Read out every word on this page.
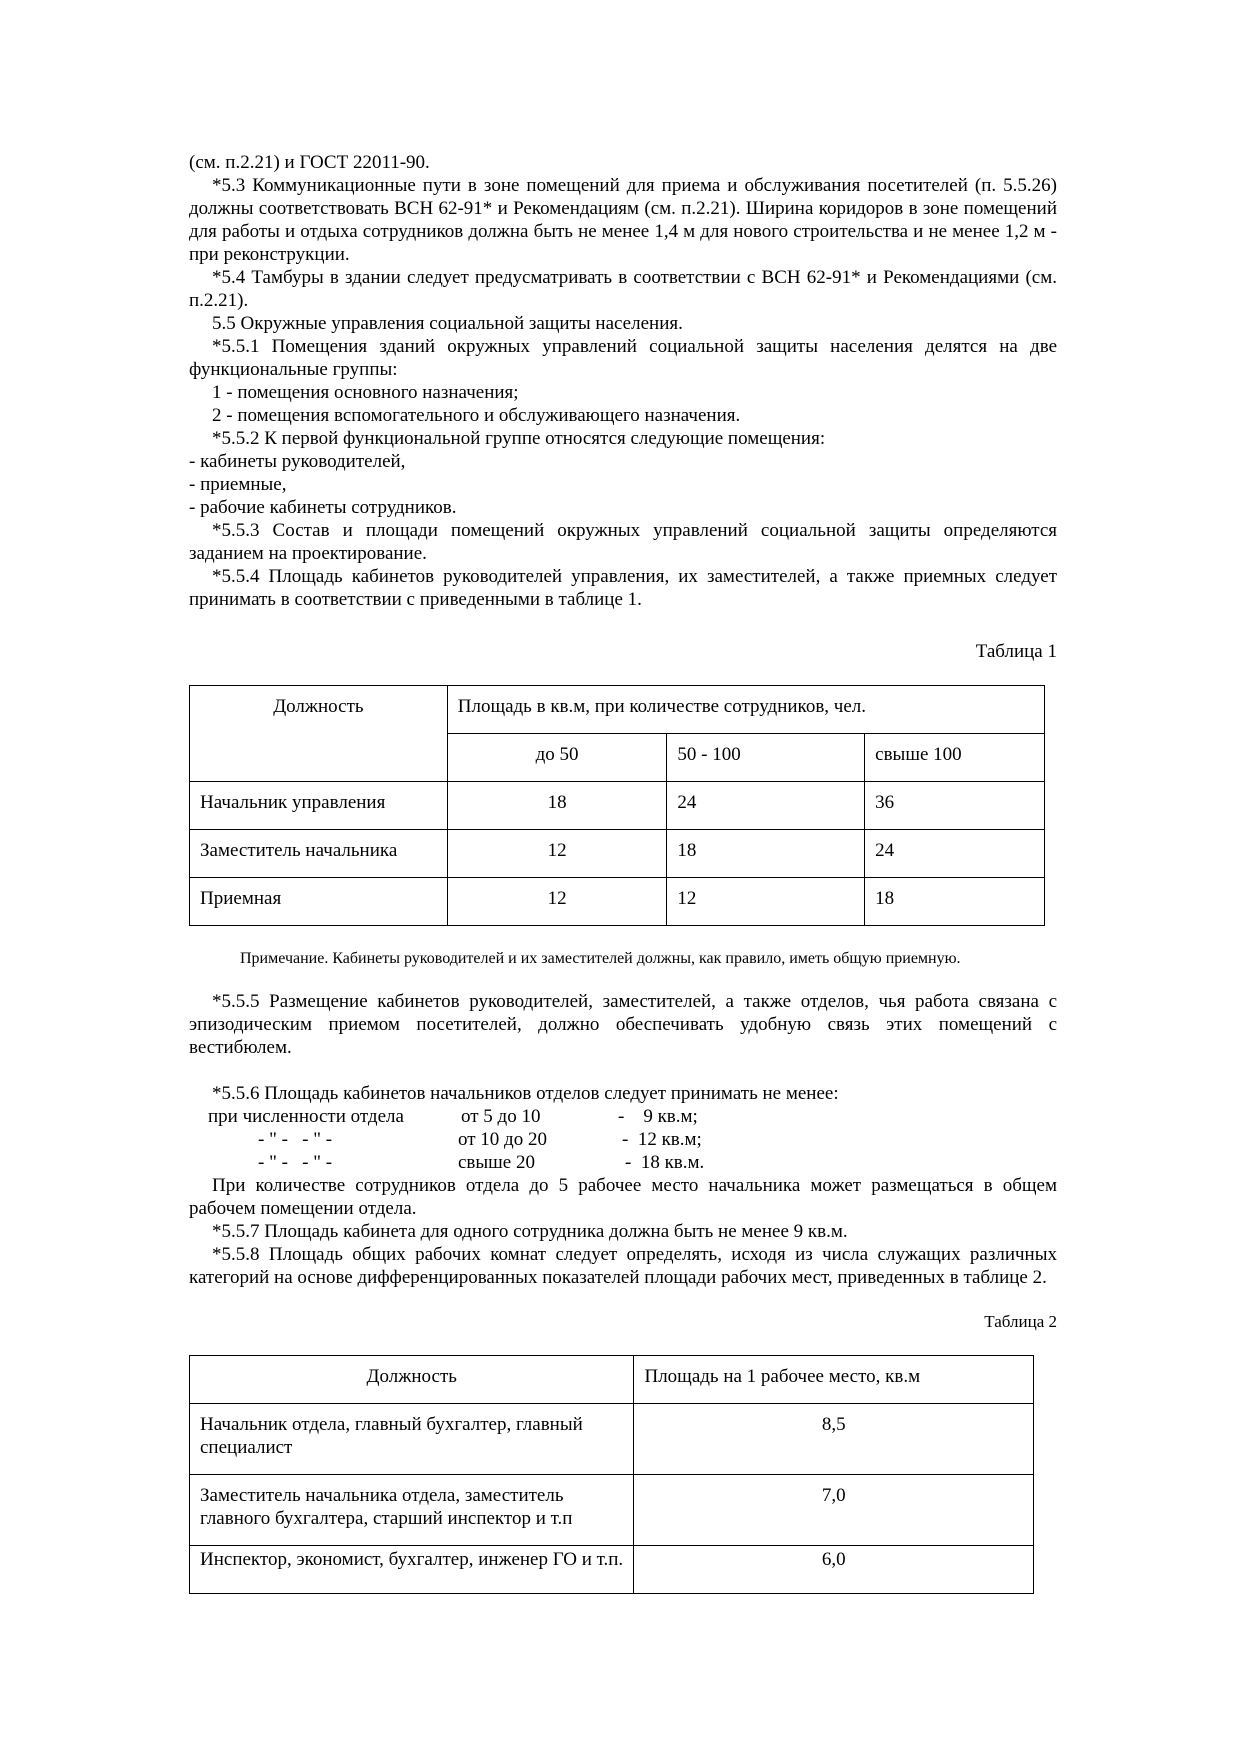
(см. п.2.21) и ГОСТ 22011-90.

*5.3 Коммуникационные пути в зоне помещений для приема и обслуживания посетителей (п. 5.5.26) должны соответствовать ВСН 62-91* и Рекомендациям (см. п.2.21). Ширина коридоров в зоне помещений для работы и отдыха сотрудников должна быть не менее 1,4 м для нового строительства и не менее 1,2 м - при реконструкции.

*5.4 Тамбуры в здании следует предусматривать в соответствии с ВСН 62-91* и Рекомендациями (см. п.2.21).

5.5 Окружные управления социальной защиты населения.

*5.5.1 Помещения зданий окружных управлений социальной защиты населения делятся на две функциональные группы:

1 - помещения основного назначения;

2 - помещения вспомогательного и обслуживающего назначения.

*5.5.2 К первой функциональной группе относятся следующие помещения:

- кабинеты руководителей,

- приемные,

- рабочие кабинеты сотрудников.

*5.5.3 Состав и площади помещений окружных управлений социальной защиты определяются заданием на проектирование.

*5.5.4 Площадь кабинетов руководителей управления, их заместителей, а также приемных следует принимать в соответствии с приведенными в таблице 1.

Таблица 1
Должность	Площадь в кв.м, при количестве сотрудников, чел.		
	до 50	50 - 100	свыше 100
Начальник управления	18	24	36
Заместитель начальника	12	18	24
Приемная	12	12	18

Примечание. Кабинеты руководителей и их заместителей должны, как правило, иметь общую приемную.

*5.5.5 Размещение кабинетов руководителей, заместителей, а также отделов, чья работа связана с эпизодическим приемом посетителей, должно обеспечивать удобную связь этих помещений с вестибюлем.

*5.5.6 Площадь кабинетов начальников отделов следует принимать не менее:

при численности отдела	от 5 до 10	-    9 кв.м;
- " -   - " -	от 10 до 20	-  12 кв.м;
- " -   - " -	свыше 20	-  18 кв.м.

При количестве сотрудников отдела до 5 рабочее место начальника может размещаться в общем рабочем помещении отдела.

*5.5.7 Площадь кабинета для одного сотрудника должна быть не менее 9 кв.м.

*5.5.8 Площадь общих рабочих комнат следует определять, исходя из числа служащих различных категорий на основе дифференцированных показателей площади рабочих мест, приведенных в таблице 2.

Таблица 2
Должность	Площадь на 1 рабочее место, кв.м
Начальник отдела, главный бухгалтер, главный специалист	8,5
Заместитель начальника отдела, заместитель главного бухгалтера, старший инспектор и т.п	7,0
Инспектор, экономист, бухгалтер, инженер ГО и т.п.	6,0
